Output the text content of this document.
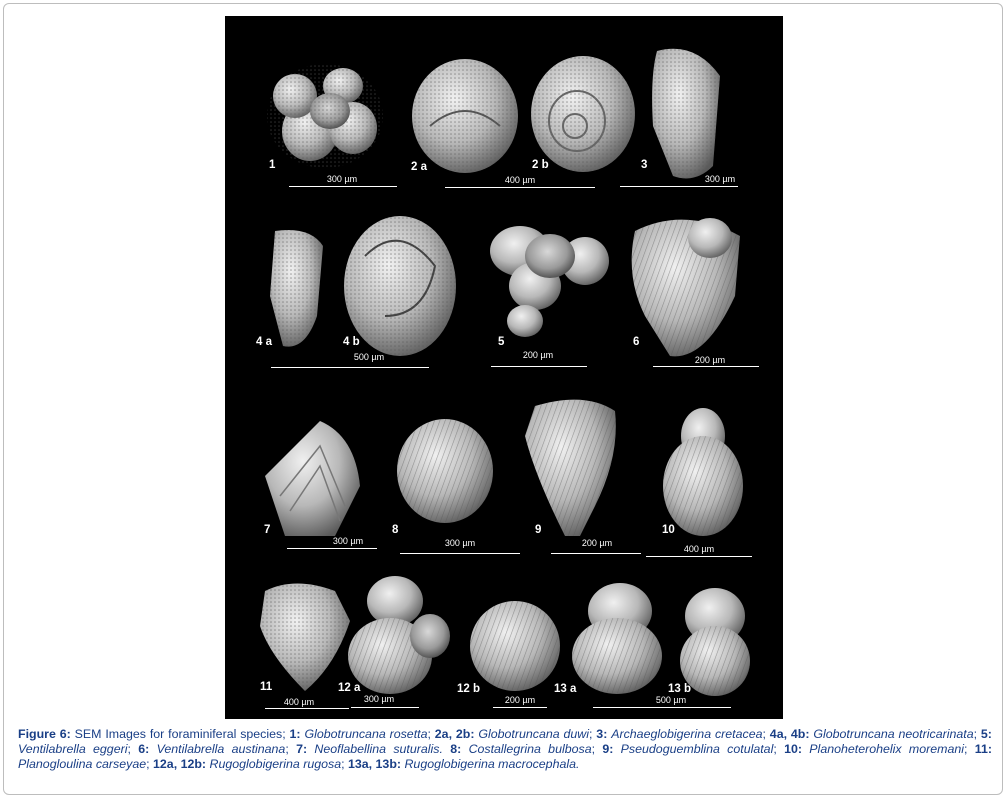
1	2 a	2 b	3
4 a	4 b	5	6
7	8	9	10
11	12 a	12 b	13 a	13 b
300 µm	400 µm	300 µm
500 µm	200 µm	200 µm
300 µm	300 µm	200 µm
400 µm
400 µm	300 µm	200 µm	500 µm
Figure 6: SEM Images for foraminiferal species; 1: Globotruncana rosetta; 2a, 2b: Globotruncana duwi; 3: Archaeglobigerina cretacea; 4a, 4b: Globotruncana neotricarinata; 5: Ventilabrella eggeri; 6: Ventilabrella austinana; 7: Neoflabellina suturalis. 8: Costallegrina bulbosa; 9: Pseudoguemblina cotulatal; 10: Planoheterohelix moremani; 11: Planogloulina carseyae; 12a, 12b: Rugoglobigerina rugosa; 13a, 13b: Rugoglobigerina macrocephala.
